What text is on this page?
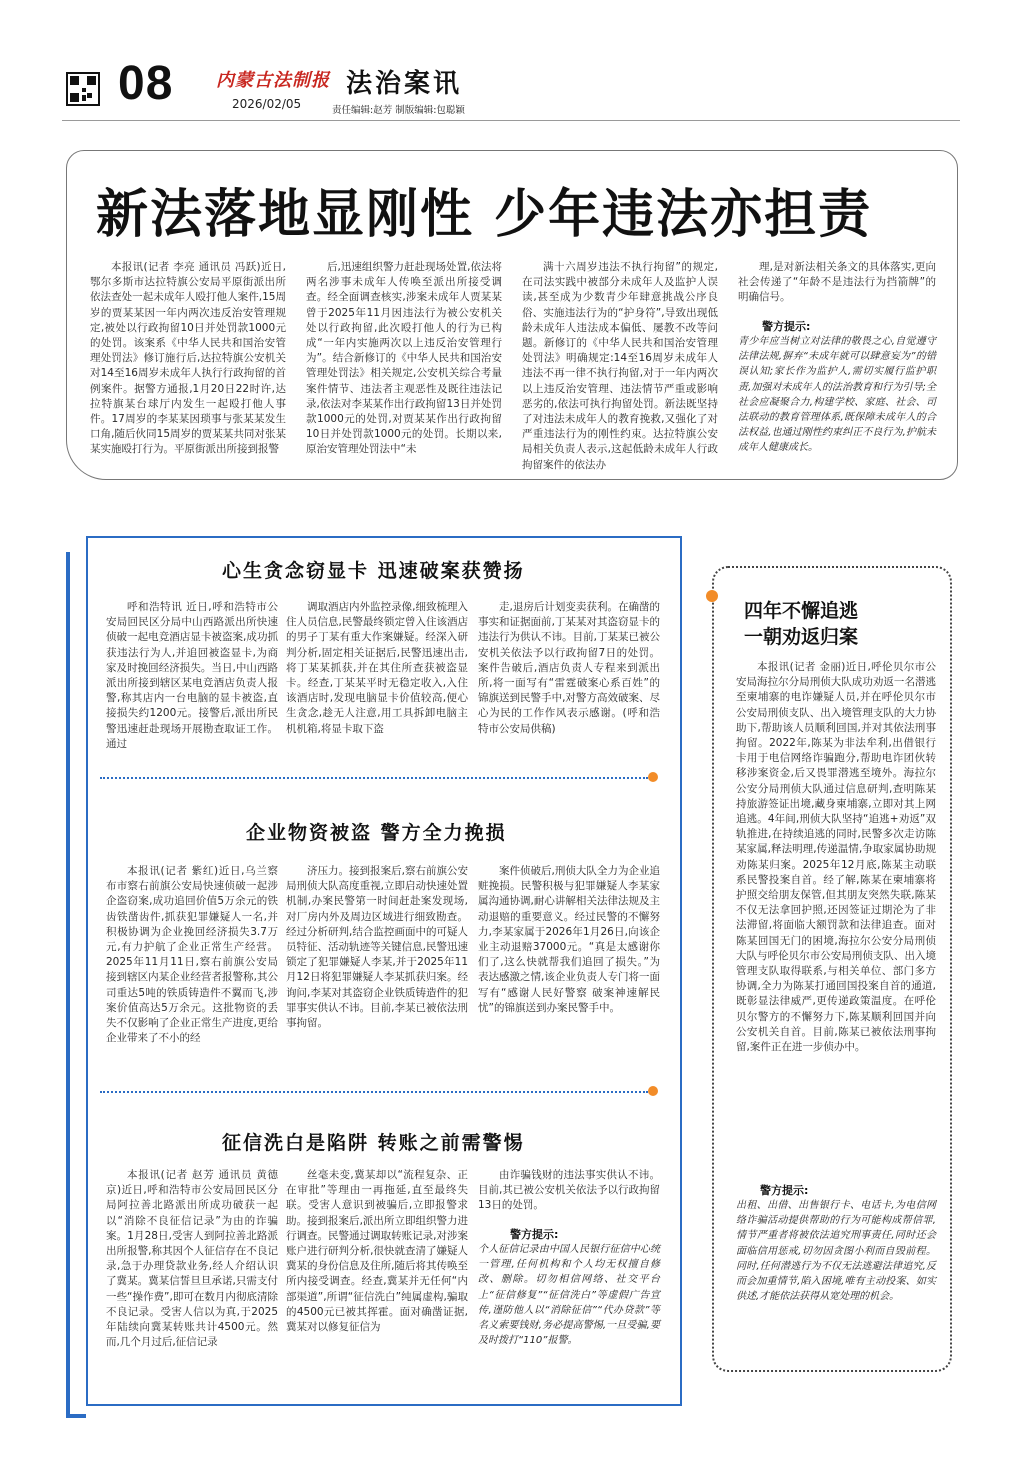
08 内蒙古法制报
2026/02/05
法治案讯
责任编辑:赵芳 制版编辑:包聪颖
新法落地显刚性 少年违法亦担责
本报讯(记者 李亮 通讯员 冯跃)近日,鄂尔多斯市达拉特旗公安局平原街派出所依法查处一起未成年人殴打他人案件,15周岁的贾某某因一年内两次违反治安管理规定,被处以行政拘留10日并处罚款1000元的处罚。该案系《中华人民共和国治安管理处罚法》修订施行后,达拉特旗公安机关对14至16周岁未成年人执行行政拘留的首例案件。据警方通报,1月20日22时许,达拉特旗某台球厅内发生一起殴打他人事件。17周岁的李某某因琐事与张某某发生口角,随后伙同15周岁的贾某某共同对张某某实施殴打行为。平原街派出所接到报警
后,迅速组织警力赶赴现场处置,依法将两名涉事未成年人传唤至派出所接受调查。经全面调查核实,涉案未成年人贾某某曾于2025年11月因违法行为被公安机关处以行政拘留,此次殴打他人的行为已构成“一年内实施两次以上违反治安管理行为”。结合新修订的《中华人民共和国治安管理处罚法》相关规定,公安机关综合考量案件情节、违法者主观恶性及既往违法记录,依法对李某某作出行政拘留13日并处罚款1000元的处罚,对贾某某作出行政拘留10日并处罚款1000元的处罚。长期以来,原治安管理处罚法中“未
满十六周岁违法不执行拘留”的规定,在司法实践中被部分未成年人及监护人误读,甚至成为少数青少年肆意挑战公序良俗、实施违法行为的“护身符”,导致出现低龄未成年人违法成本偏低、屡教不改等问题。新修订的《中华人民共和国治安管理处罚法》明确规定:14至16周岁未成年人违法不再一律不执行拘留,对于一年内两次以上违反治安管理、违法情节严重或影响恶劣的,依法可执行拘留处罚。新法既坚持了对违法未成年人的教育挽救,又强化了对严重违法行为的刚性约束。达拉特旗公安局相关负责人表示,这起低龄未成年人行政拘留案件的依法办
理,是对新法相关条文的具体落实,更向社会传递了“年龄不是违法行为挡箭牌”的明确信号。
警方提示:
青少年应当树立对法律的敬畏之心,自觉遵守法律法规,摒弃“未成年就可以肆意妄为”的错误认知;家长作为监护人,需切实履行监护职责,加强对未成年人的法治教育和行为引导;全社会应凝聚合力,构建学校、家庭、社会、司法联动的教育管理体系,既保障未成年人的合法权益,也通过刚性约束纠正不良行为,护航未成年人健康成长。
心生贪念窃显卡 迅速破案获赞扬
呼和浩特讯 近日,呼和浩特市公安局回民区分局中山西路派出所快速侦破一起电竞酒店显卡被盗案,成功抓获违法行为人,并追回被盗显卡,为商家及时挽回经济损失。当日,中山西路派出所接到辖区某电竞酒店负责人报警,称其店内一台电脑的显卡被盗,直接损失约1200元。接警后,派出所民警迅速赶赴现场开展勘查取证工作。通过
调取酒店内外监控录像,细致梳理入住人员信息,民警最终锁定曾入住该酒店的男子丁某有重大作案嫌疑。经深入研判分析,固定相关证据后,民警迅速出击,将丁某某抓获,并在其住所查获被盗显卡。经查,丁某某平时无稳定收入,入住该酒店时,发现电脑显卡价值较高,便心生贪念,趁无人注意,用工具拆卸电脑主机机箱,将显卡取下盗
走,退房后计划变卖获利。在确凿的事实和证据面前,丁某某对其盗窃显卡的违法行为供认不讳。目前,丁某某已被公安机关依法予以行政拘留7日的处罚。案件告破后,酒店负责人专程来到派出所,将一面写有“雷霆破案心系百姓”的锦旗送到民警手中,对警方高效破案、尽心为民的工作作风表示感谢。(呼和浩特市公安局供稿)
企业物资被盗 警方全力挽损
本报讯(记者 紫红)近日,乌兰察布市察右前旗公安局快速侦破一起涉企盗窃案,成功追回价值5万余元的铁齿铁凿齿件,抓获犯罪嫌疑人一名,并积极协调为企业挽回经济损失3.7万元,有力护航了企业正常生产经营。2025年11月11日,察右前旗公安局接到辖区内某企业经营者报警称,其公司重达5吨的铁质铸造件不翼而飞,涉案价值高达5万余元。这批物资的丢失不仅影响了企业正常生产进度,更给企业带来了不小的经
济压力。接到报案后,察右前旗公安局刑侦大队高度重视,立即启动快速处置机制,办案民警第一时间赶赴案发现场,对厂房内外及周边区域进行细致勘查。经过分析研判,结合监控画面中的可疑人员特征、活动轨迹等关键信息,民警迅速锁定了犯罪嫌疑人李某,并于2025年11月12日将犯罪嫌疑人李某抓获归案。经询问,李某对其盗窃企业铁质铸造件的犯罪事实供认不讳。目前,李某已被依法刑事拘留。
案件侦破后,刑侦大队全力为企业追赃挽损。民警积极与犯罪嫌疑人李某家属沟通协调,耐心讲解相关法律法规及主动退赔的重要意义。经过民警的不懈努力,李某家属于2026年1月26日,向该企业主动退赔37000元。“真是太感谢你们了,这么快就帮我们追回了损失。”为表达感激之情,该企业负责人专门将一面写有“感谢人民好警察 破案神速解民忧”的锦旗送到办案民警手中。
征信洗白是陷阱 转账之前需警惕
本报讯(记者 赵芳 通讯员 黄德京)近日,呼和浩特市公安局回民区分局阿拉善北路派出所成功破获一起以“消除不良征信记录”为由的诈骗案。1月28日,受害人到阿拉善北路派出所报警,称其因个人征信存在不良记录,急于办理贷款业务,经人介绍认识了冀某。冀某信誓旦旦承诺,只需支付一些“操作费”,即可在数月内彻底清除不良记录。受害人信以为真,于2025年陆续向冀某转账共计4500元。然而,几个月过后,征信记录
丝毫未变,冀某却以“流程复杂、正在审批”等理由一再拖延,直至最终失联。受害人意识到被骗后,立即报警求助。接到报案后,派出所立即组织警力进行调查。民警通过调取转账记录,对涉案账户进行研判分析,很快就查清了嫌疑人冀某的身份信息及住所,随后将其传唤至所内接受调查。经查,冀某并无任何“内部渠道”,所谓“征信洗白”纯属虚构,骗取的4500元已被其挥霍。面对确凿证据,冀某对以修复征信为
由诈骗钱财的违法事实供认不讳。目前,其已被公安机关依法予以行政拘留13日的处罚。
警方提示:
个人征信记录由中国人民银行征信中心统一管理,任何机构和个人均无权擅自修改、删除。切勿相信网络、社交平台上“征信修复”“征信洗白”等虚假广告宣传,谨防他人以“消除征信”“代办贷款”等名义索要钱财,务必提高警惕,一旦受骗,要及时拨打“110”报警。
四年不懈追逃
一朝劝返归案
本报讯(记者 金丽)近日,呼伦贝尔市公安局海拉尔分局刑侦大队成功劝返一名潜逃至柬埔寨的电诈嫌疑人员,并在呼伦贝尔市公安局刑侦支队、出入境管理支队的大力协助下,帮助该人员顺利回国,并对其依法刑事拘留。2022年,陈某为非法牟利,出借银行卡用于电信网络诈骗跑分,帮助电诈团伙转移涉案资金,后又畏罪潜逃至境外。海拉尔公安分局刑侦大队通过信息研判,查明陈某持旅游签证出境,藏身柬埔寨,立即对其上网追逃。4年间,刑侦大队坚持“追逃+劝返”双轨推进,在持续追逃的同时,民警多次走访陈某家属,释法明理,传递温情,争取家属协助规劝陈某归案。2025年12月底,陈某主动联系民警投案自首。经了解,陈某在柬埔寨将护照交给朋友保管,但其朋友突然失联,陈某不仅无法拿回护照,还因签证过期沦为了非法滞留,将面临大额罚款和法律追查。面对陈某回国无门的困境,海拉尔公安分局刑侦大队与呼伦贝尔市公安局刑侦支队、出入境管理支队取得联系,与相关单位、部门多方协调,全力为陈某打通回国投案自首的通道,既彰显法律威严,更传递政策温度。在呼伦贝尔警方的不懈努力下,陈某顺利回国并向公安机关自首。目前,陈某已被依法刑事拘留,案件正在进一步侦办中。
警方提示:
出租、出借、出售银行卡、电话卡,为电信网络诈骗活动提供帮助的行为可能构成帮信罪,情节严重者将被依法追究刑事责任,同时还会面临信用惩戒,切勿因贪图小利而自毁前程。同时,任何潜逃行为不仅无法逃避法律追究,反而会加重情节,陷入困境,唯有主动投案、如实供述,才能依法获得从宽处理的机会。
